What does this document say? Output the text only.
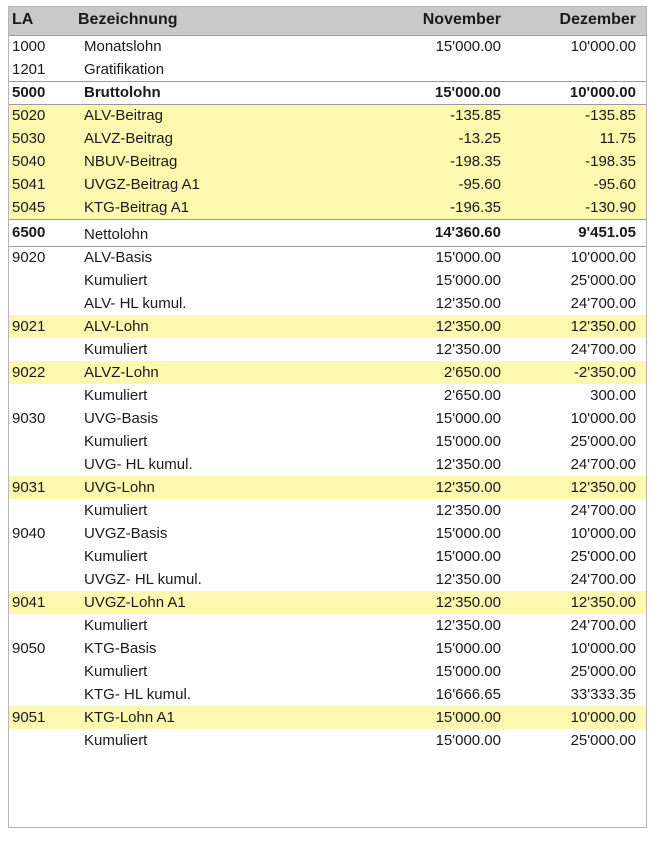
LA	Bezeichnung	November	Dezember
1000	Monatslohn	15'000.00	10'000.00
1201	Gratifikation		
5000	Bruttolohn	15'000.00	10'000.00
5020	ALV-Beitrag	-135.85	-135.85
5030	ALVZ-Beitrag	-13.25	11.75
5040	NBUV-Beitrag	-198.35	-198.35
5041	UVGZ-Beitrag A1	-95.60	-95.60
5045	KTG-Beitrag A1	-196.35	-130.90
6500	Nettolohn	14'360.60	9'451.05
9020	ALV-Basis	15'000.00	10'000.00
	Kumuliert	15'000.00	25'000.00
	ALV- HL kumul.	12'350.00	24'700.00
9021	ALV-Lohn	12'350.00	12'350.00
	Kumuliert	12'350.00	24'700.00
9022	ALVZ-Lohn	2'650.00	-2'350.00
	Kumuliert	2'650.00	300.00
9030	UVG-Basis	15'000.00	10'000.00
	Kumuliert	15'000.00	25'000.00
	UVG- HL kumul.	12'350.00	24'700.00
9031	UVG-Lohn	12'350.00	12'350.00
	Kumuliert	12'350.00	24'700.00
9040	UVGZ-Basis	15'000.00	10'000.00
	Kumuliert	15'000.00	25'000.00
	UVGZ- HL kumul.	12'350.00	24'700.00
9041	UVGZ-Lohn A1	12'350.00	12'350.00
	Kumuliert	12'350.00	24'700.00
9050	KTG-Basis	15'000.00	10'000.00
	Kumuliert	15'000.00	25'000.00
	KTG- HL kumul.	16'666.65	33'333.35
9051	KTG-Lohn A1	15'000.00	10'000.00
	Kumuliert	15'000.00	25'000.00
